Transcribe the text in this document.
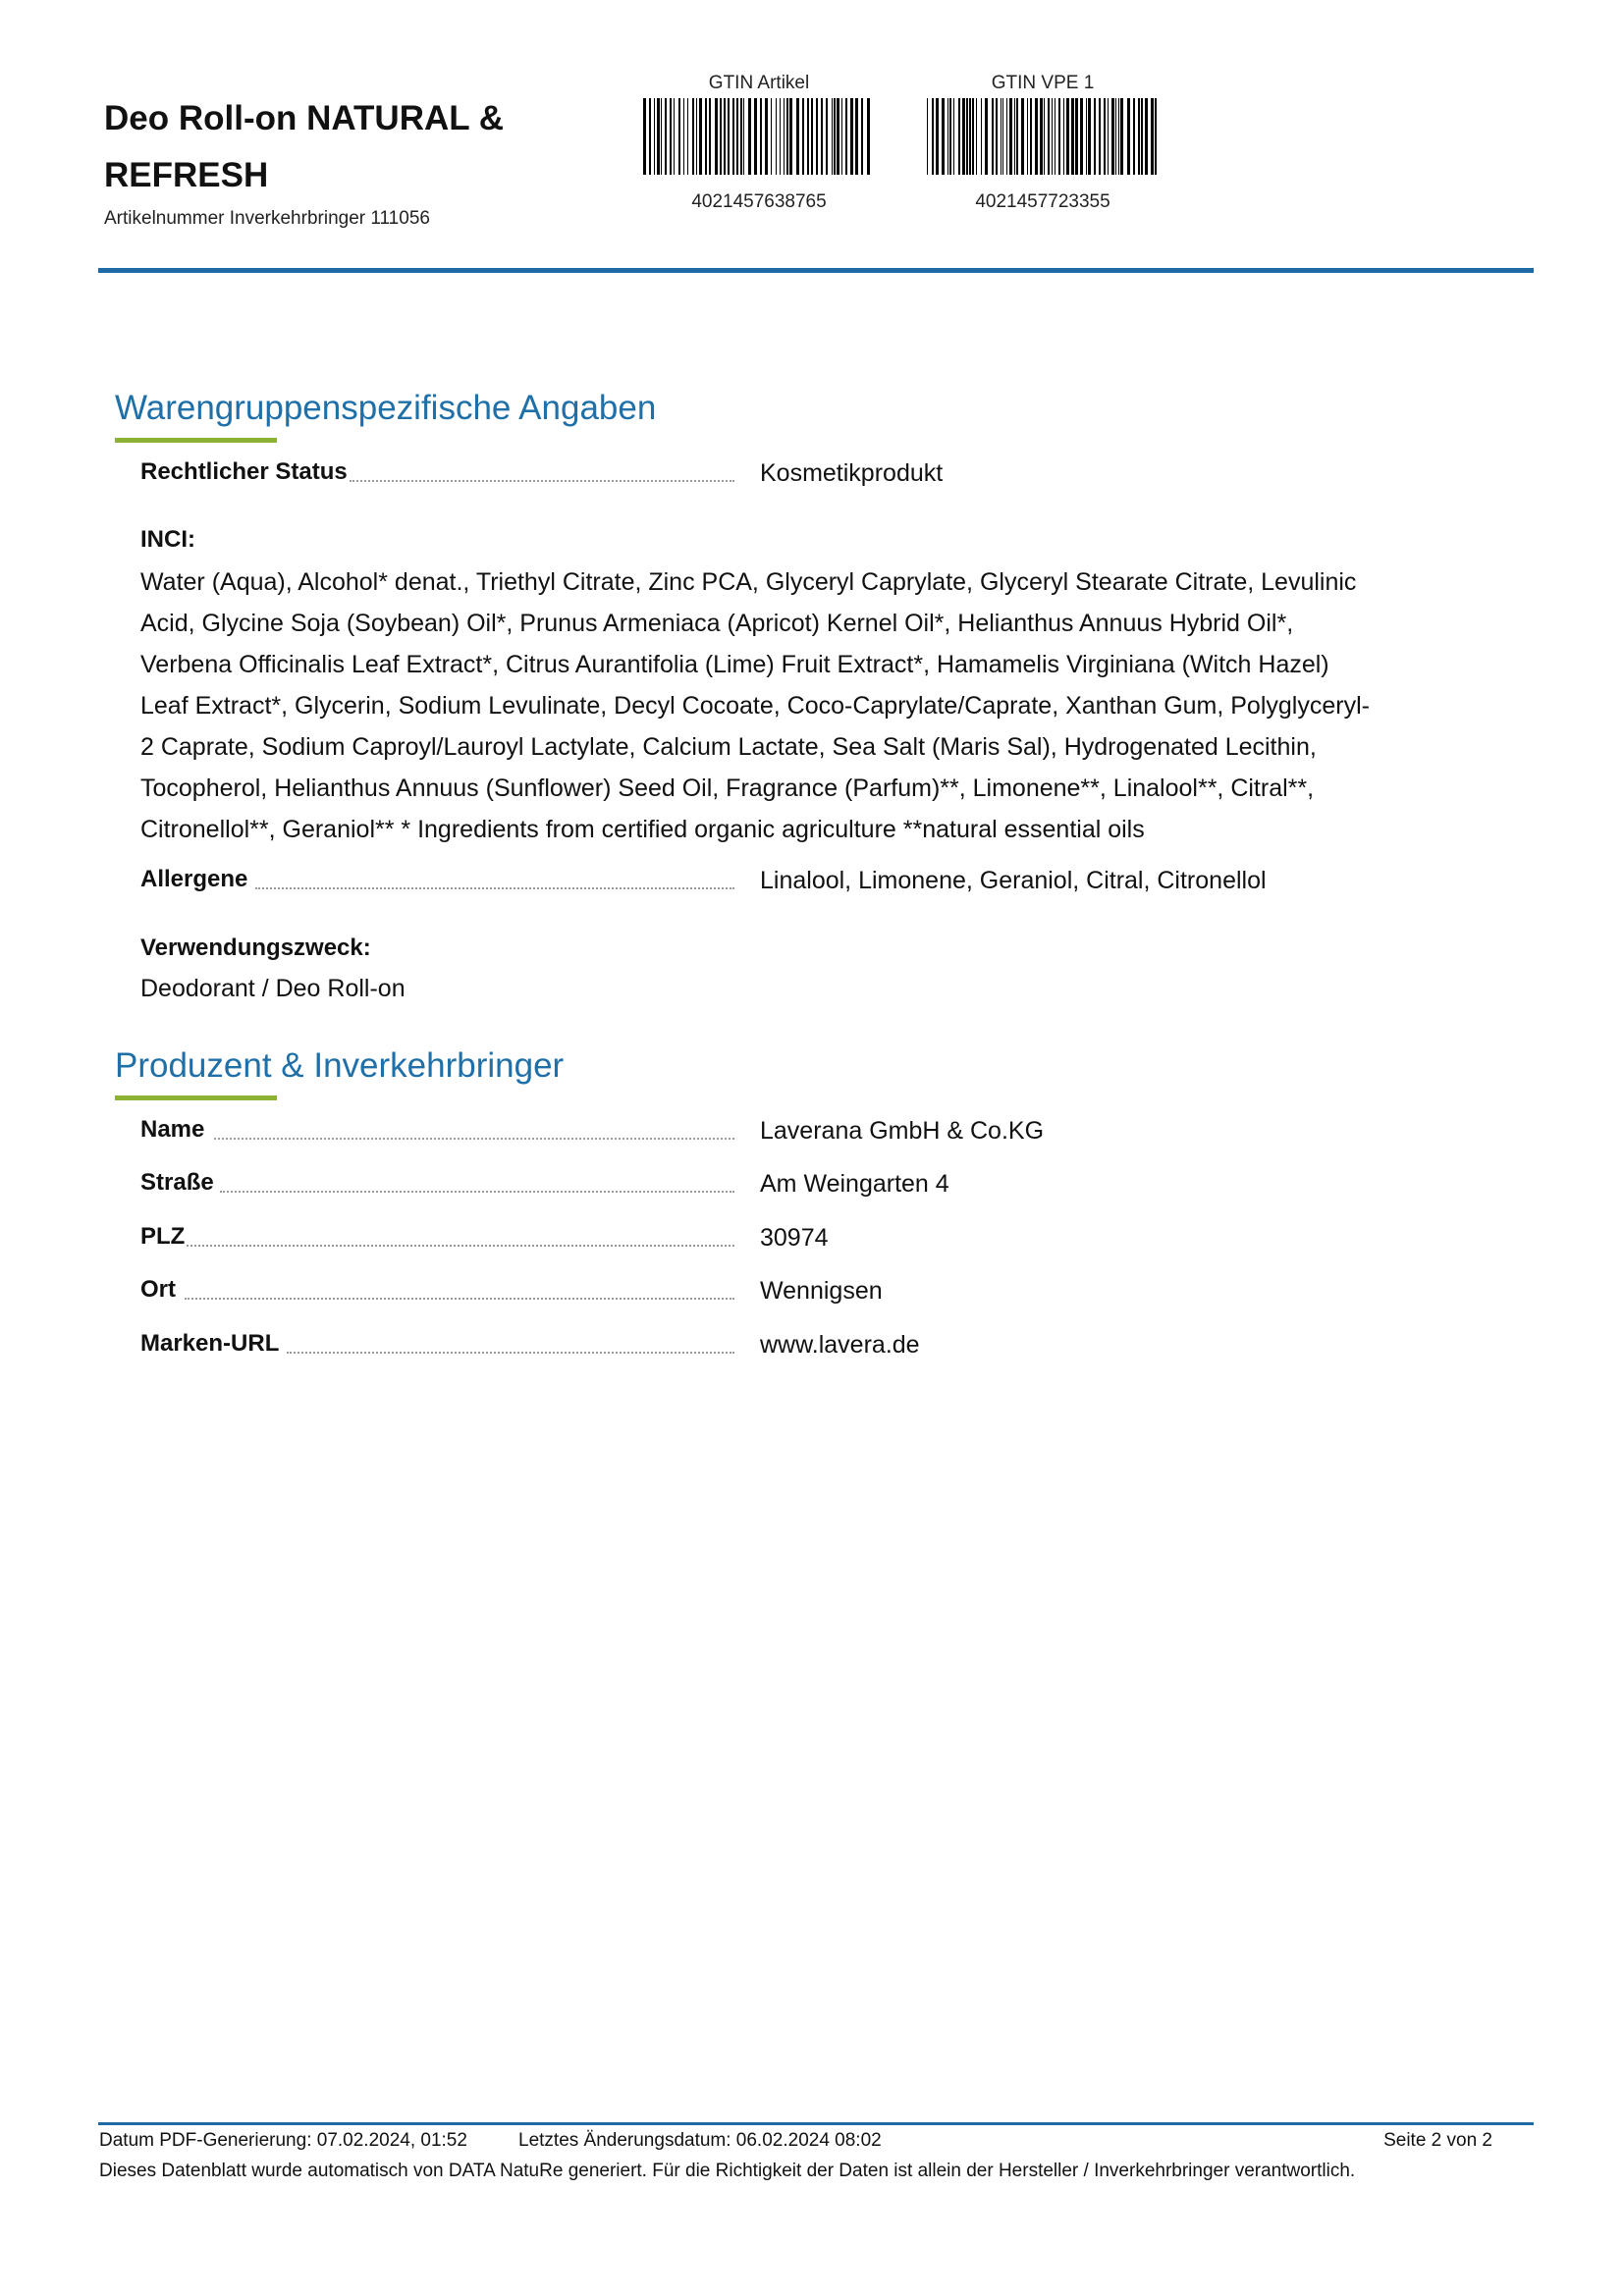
Deo Roll-on NATURAL & REFRESH
Artikelnummer Inverkehrbringer 111056
GTIN Artikel
4021457638765
GTIN VPE 1
4021457723355
Warengruppenspezifische Angaben
Rechtlicher Status	Kosmetikprodukt
INCI:
Water (Aqua), Alcohol* denat., Triethyl Citrate, Zinc PCA, Glyceryl Caprylate, Glyceryl Stearate Citrate, Levulinic Acid, Glycine Soja (Soybean) Oil*, Prunus Armeniaca (Apricot) Kernel Oil*, Helianthus Annuus Hybrid Oil*, Verbena Officinalis Leaf Extract*, Citrus Aurantifolia (Lime) Fruit Extract*, Hamamelis Virginiana (Witch Hazel) Leaf Extract*, Glycerin, Sodium Levulinate, Decyl Cocoate, Coco-Caprylate/Caprate, Xanthan Gum, Polyglyceryl-2 Caprate, Sodium Caproyl/Lauroyl Lactylate, Calcium Lactate, Sea Salt (Maris Sal), Hydrogenated Lecithin, Tocopherol, Helianthus Annuus (Sunflower) Seed Oil, Fragrance (Parfum)**, Limonene**, Linalool**, Citral**, Citronellol**, Geraniol** * Ingredients from certified organic agriculture **natural essential oils
Allergene	Linalool, Limonene, Geraniol, Citral, Citronellol
Verwendungszweck:
Deodorant / Deo Roll-on
Produzent & Inverkehrbringer
Name	Laverana GmbH & Co.KG
Straße	Am Weingarten 4
PLZ	30974
Ort	Wennigsen
Marken-URL	www.lavera.de
Datum PDF-Generierung: 07.02.2024, 01:52	Letztes Änderungsdatum: 06.02.2024 08:02	Seite 2 von 2
Dieses Datenblatt wurde automatisch von DATA NatuRe generiert. Für die Richtigkeit der Daten ist allein der Hersteller / Inverkehrbringer verantwortlich.
